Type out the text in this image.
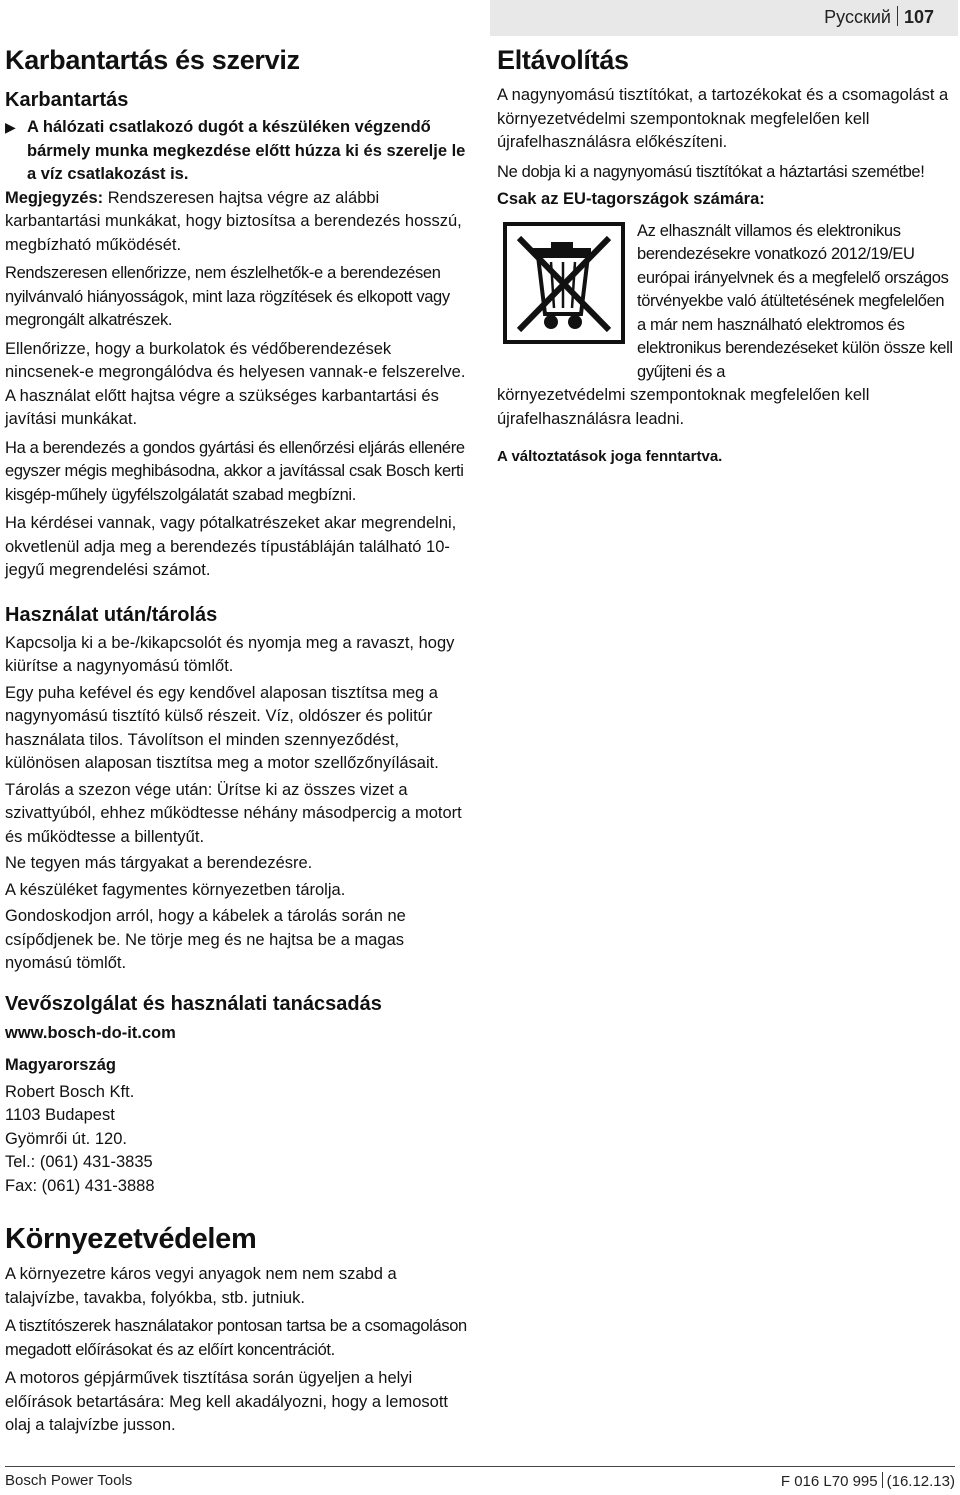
Русский 107
Karbantartás és szerviz
Karbantartás
▶ A hálózati csatlakozó dugót a készüléken végzendő bármely munka megkezdése előtt húzza ki és szerelje le a víz csatlakozást is.

Megjegyzés: Rendszeresen hajtsa végre az alábbi karbantartási munkákat, hogy biztosítsa a berendezés hosszú, megbízható működését.

Rendszeresen ellenőrizze, nem észlelhetők-e a berendezésen nyilvánvaló hiányosságok, mint laza rögzítések és elkopott vagy megrongált alkatrészek.

Ellenőrizze, hogy a burkolatok és védőberendezések nincsenek-e megrongálódva és helyesen vannak-e felszerelve. A használat előtt hajtsa végre a szükséges karbantartási és javítási munkákat.

Ha a berendezés a gondos gyártási és ellenőrzési eljárás ellenére egyszer mégis meghibásodna, akkor a javítással csak Bosch kerti kisgép-műhely ügyfélszolgálatát szabad megbízni.

Ha kérdései vannak, vagy pótalkatrészeket akar megrendelni, okvetlenül adja meg a berendezés típustábláján található 10-jegyű megrendelési számot.

Használat után/tárolás

Kapcsolja ki a be-/kikapcsolót és nyomja meg a ravaszt, hogy kiürítse a nagynyomású tömlőt.

Egy puha kefével és egy kendővel alaposan tisztítsa meg a nagynyomású tisztító külső részeit. Víz, oldószer és politúr használata tilos. Távolítson el minden szennyeződést, különösen alaposan tisztítsa meg a motor szellőzőnyílásait.

Tárolás a szezon vége után: Ürítse ki az összes vizet a szivattyúból, ehhez működtesse néhány másodpercig a motort és működtesse a billentyűt.

Ne tegyen más tárgyakat a berendezésre.

A készüléket fagymentes környezetben tárolja.

Gondoskodjon arról, hogy a kábelek a tárolás során ne csípődjenek be. Ne törje meg és ne hajtsa be a magas nyomású tömlőt.

Vevőszolgálat és használati tanácsadás

www.bosch-do-it.com

Magyarország

Robert Bosch Kft.

1103 Budapest

Gyömrői út. 120.

Tel.: (061) 431-3835

Fax: (061) 431-3888

Környezetvédelem

A környezetre káros vegyi anyagok nem nem szabd a talajvízbe, tavakba, folyókba, stb. jutniuk.

A tisztítószerek használatakor pontosan tartsa be a csomagoláson megadott előírásokat és az előírt koncentrációt.

A motoros gépjárművek tisztítása során ügyeljen a helyi előírások betartására: Meg kell akadályozni, hogy a lemosott olaj a talajvízbe jusson.

Eltávolítás

A nagynyomású tisztítókat, a tartozékokat és a csomagolást a környezetvédelmi szempontoknak megfelelően kell újrafelhasználásra előkészíteni.

Ne dobja ki a nagynyomású tisztítókat a háztartási szemétbe!

Csak az EU-tagországok számára:

Az elhasznált villamos és elektronikus berendezésekre vonatkozó 2012/19/EU európai irányelvnek és a megfelelő országos törvényekbe való átültetésének megfelelően a már nem használható elektromos és elektronikus berendezéseket külön össze kell gyűjteni és a

környezetvédelmi szempontoknak megfelelően kell újrafelhasználásra leadni.

A változtatások joga fenntartva.

Bosch Power Tools	F 016 L70 995 (16.12.13)
